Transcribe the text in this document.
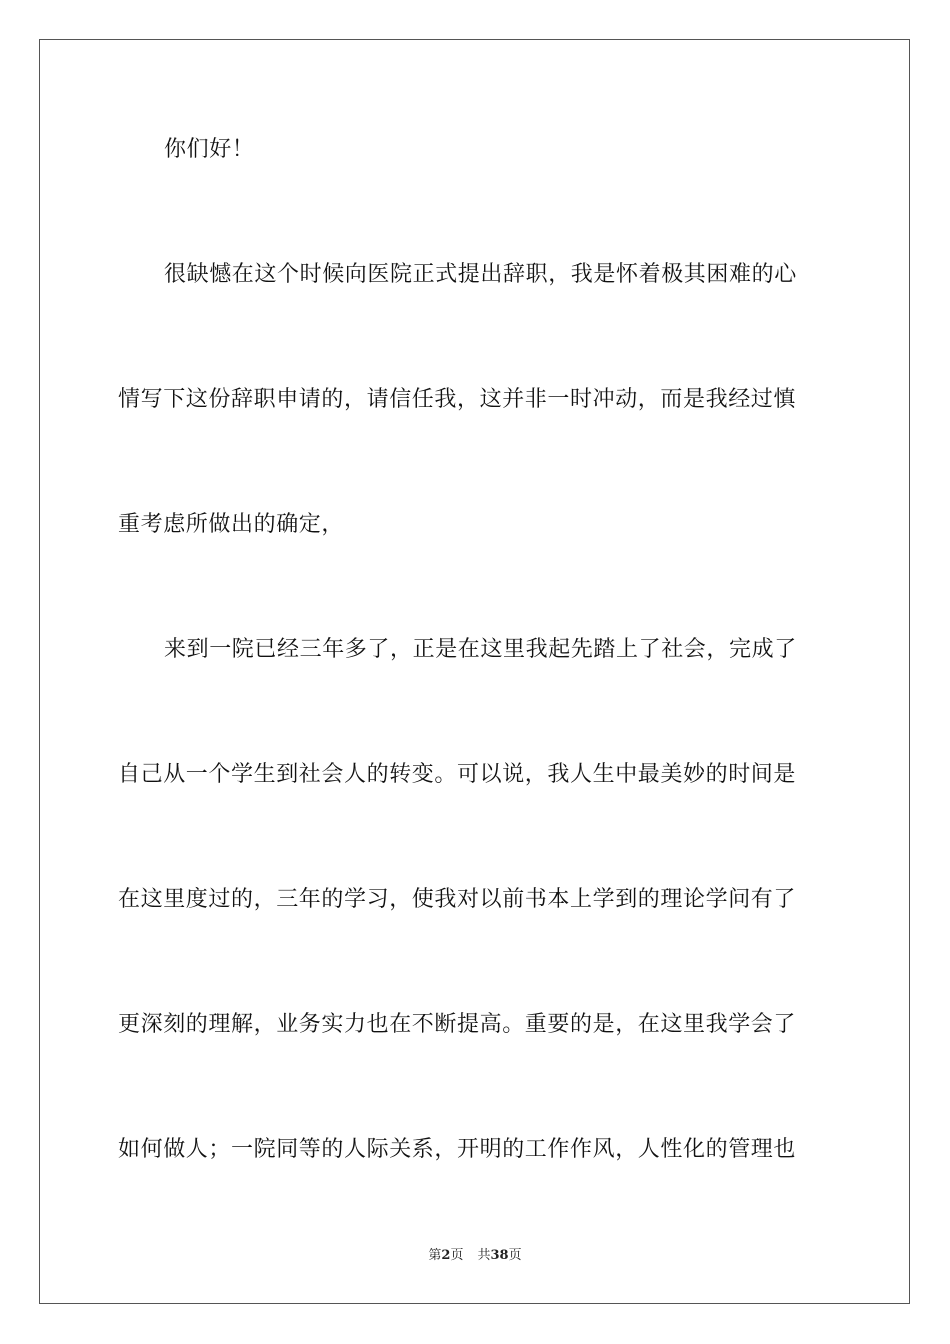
你们好！
很缺憾在这个时候向医院正式提出辞职，我是怀着极其困难的心
情写下这份辞职申请的，请信任我，这并非一时冲动，而是我经过慎
重考虑所做出的确定，
来到一院已经三年多了，正是在这里我起先踏上了社会，完成了
自己从一个学生到社会人的转变。可以说，我人生中最美妙的时间是
在这里度过的，三年的学习，使我对以前书本上学到的理论学问有了
更深刻的理解，业务实力也在不断提高。重要的是，在这里我学会了
如何做人；一院同等的人际关系，开明的工作作风，人性化的管理也
第2页 共38页
